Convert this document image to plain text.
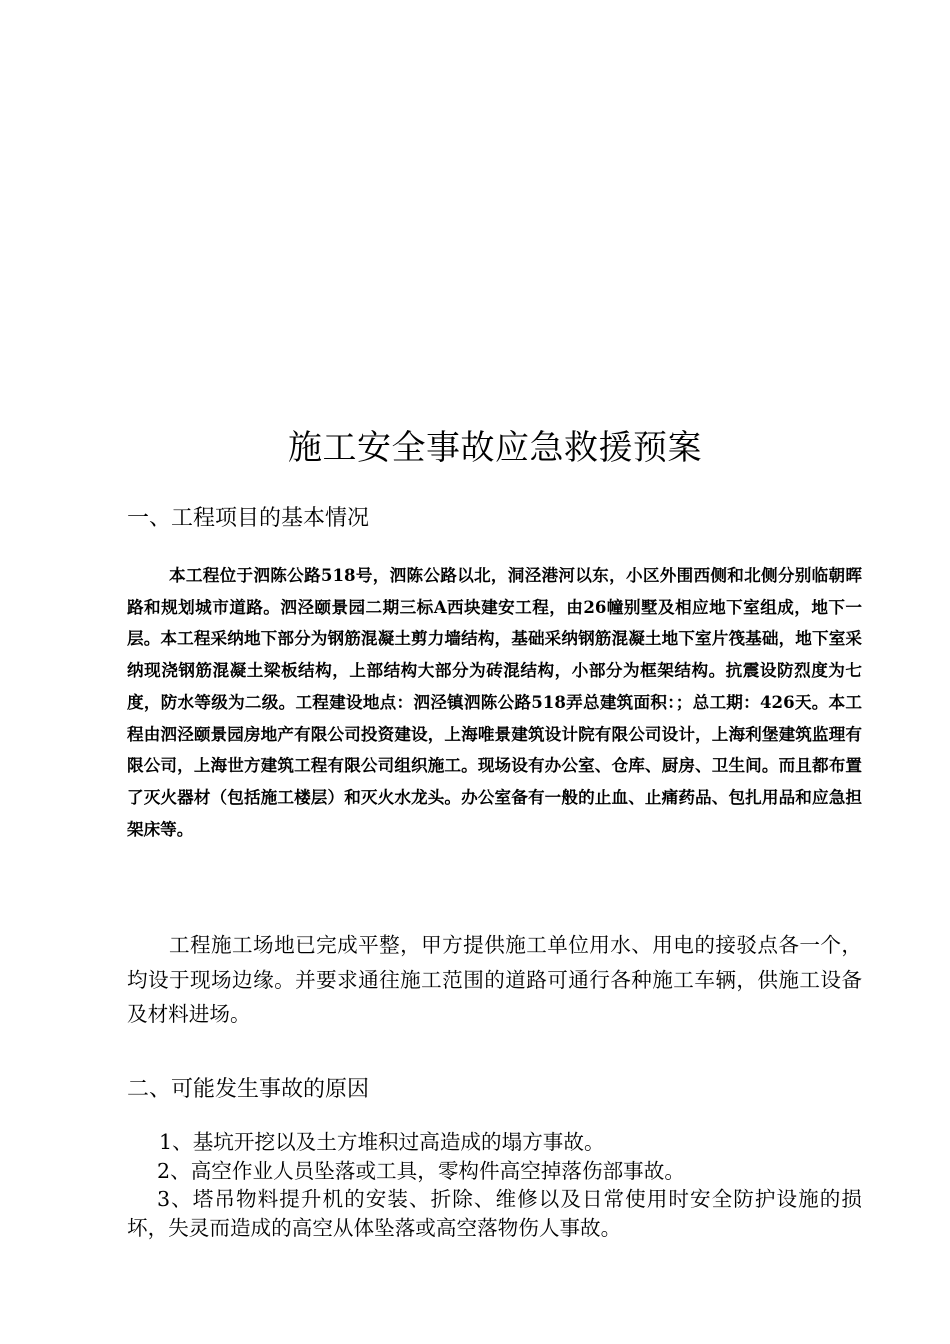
施工安全事故应急救援预案
一、工程项目的基本情况

本工程位于泗陈公路518号，泗陈公路以北，洞泾港河以东，小区外围西侧和北侧分别临朝晖路和规划城市道路。泗泾颐景园二期三标A西块建安工程，由26幢别墅及相应地下室组成，地下一层。本工程采纳地下部分为钢筋混凝土剪力墙结构，基础采纳钢筋混凝土地下室片筏基础，地下室采纳现浇钢筋混凝土梁板结构，上部结构大部分为砖混结构，小部分为框架结构。抗震设防烈度为七度，防水等级为二级。工程建设地点：泗泾镇泗陈公路518弄总建筑面积：；总工期：426天。本工程由泗泾颐景园房地产有限公司投资建设，上海唯景建筑设计院有限公司设计，上海利堡建筑监理有限公司，上海世方建筑工程有限公司组织施工。现场设有办公室、仓库、厨房、卫生间。而且都布置了灭火器材（包括施工楼层）和灭火水龙头。办公室备有一般的止血、止痛药品、包扎用品和应急担架床等。

工程施工场地已完成平整，甲方提供施工单位用水、用电的接驳点各一个，均设于现场边缘。并要求通往施工范围的道路可通行各种施工车辆，供施工设备及材料进场。

二、可能发生事故的原因
1、基坑开挖以及土方堆积过高造成的塌方事故。
2、高空作业人员坠落或工具，零构件高空掉落伤部事故。
3、塔吊物料提升机的安装、折除、维修以及日常使用时安全防护设施的损坏，失灵而造成的高空从体坠落或高空落物伤人事故。
